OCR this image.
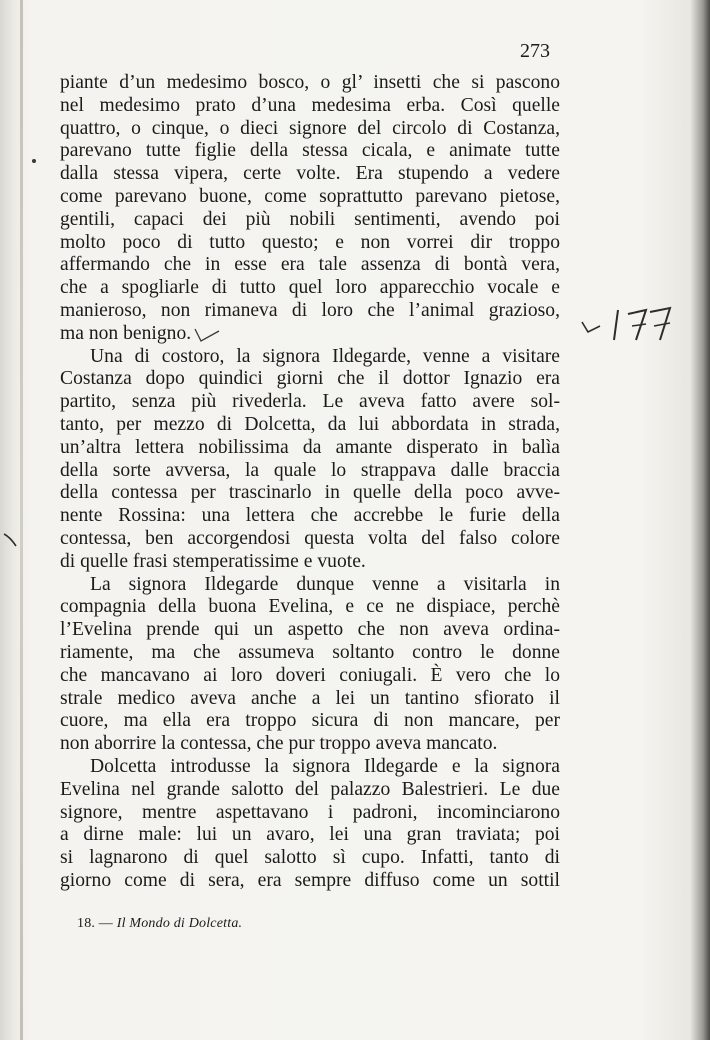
273

piante d’un medesimo bosco, o gl’ insetti che si pascono
nel medesimo prato d’una medesima erba. Così quelle
quattro, o cinque, o dieci signore del circolo di Costanza,
parevano tutte figlie della stessa cicala, e animate tutte
dalla stessa vipera, certe volte. Era stupendo a vedere
come parevano buone, come soprattutto parevano pietose,
gentili, capaci dei più nobili sentimenti, avendo poi
molto poco di tutto questo; e non vorrei dir troppo
affermando che in esse era tale assenza di bontà vera,
che a spogliarle di tutto quel loro apparecchio vocale e
manieroso, non rimaneva di loro che l’animal grazioso,
ma non benigno.

Una di costoro, la signora Ildegarde, venne a visitare
Costanza dopo quindici giorni che il dottor Ignazio era
partito, senza più rivederla. Le aveva fatto avere sol-
tanto, per mezzo di Dolcetta, da lui abbordata in strada,
un’altra lettera nobilissima da amante disperato in balìa
della sorte avversa, la quale lo strappava dalle braccia
della contessa per trascinarlo in quelle della poco avve-
nente Rossina: una lettera che accrebbe le furie della
contessa, ben accorgendosi questa volta del falso colore
di quelle frasi stemperatissime e vuote.

La signora Ildegarde dunque venne a visitarla in
compagnia della buona Evelina, e ce ne dispiace, perchè
l’Evelina prende qui un aspetto che non aveva ordina-
riamente, ma che assumeva soltanto contro le donne
che mancavano ai loro doveri coniugali. È vero che lo
strale medico aveva anche a lei un tantino sfiorato il
cuore, ma ella era troppo sicura di non mancare, per
non aborrire la contessa, che pur troppo aveva mancato.

Dolcetta introdusse la signora Ildegarde e la signora
Evelina nel grande salotto del palazzo Balestrieri. Le due
signore, mentre aspettavano i padroni, incominciarono
a dirne male: lui un avaro, lei una gran traviata; poi
si lagnarono di quel salotto sì cupo. Infatti, tanto di
giorno come di sera, era sempre diffuso come un sottil

18. — Il Mondo di Dolcetta.
